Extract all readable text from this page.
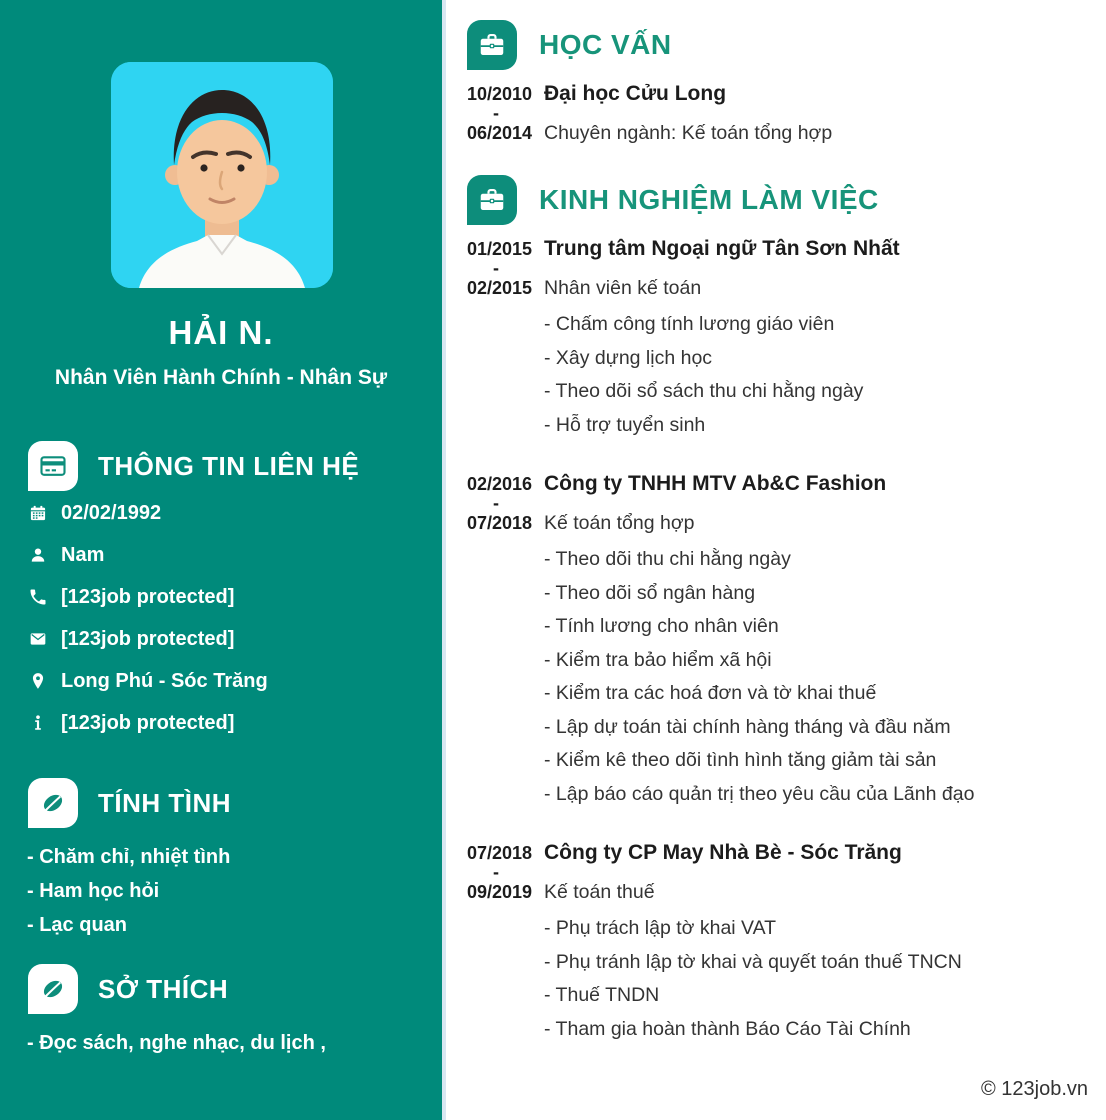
HẢI N.
Nhân Viên Hành Chính - Nhân Sự
THÔNG TIN LIÊN HỆ
02/02/1992
Nam
[123job protected]
[123job protected]
Long Phú - Sóc Trăng
[123job protected]
TÍNH TÌNH
- Chăm chỉ, nhiệt tình
- Ham học hỏi
- Lạc quan
SỞ THÍCH
- Đọc sách, nghe nhạc, du lịch ,
HỌC VẤN
10/2010
-
06/2014
Đại học Cửu Long
Chuyên ngành: Kế toán tổng hợp
KINH NGHIỆM LÀM VIỆC
01/2015
-
02/2015
Trung tâm Ngoại ngữ Tân Sơn Nhất
Nhân viên kế toán
- Chấm công tính lương giáo viên
- Xây dựng lịch học
- Theo dõi sổ sách thu chi hằng ngày
- Hỗ trợ tuyển sinh
02/2016
-
07/2018
Công ty TNHH MTV Ab&C Fashion
Kế toán tổng hợp
- Theo dõi thu chi hằng ngày
- Theo dõi sổ ngân hàng
- Tính lương cho nhân viên
- Kiểm tra bảo hiểm xã hội
- Kiểm tra các hoá đơn và tờ khai thuế
- Lập dự toán tài chính hàng tháng và đầu năm
- Kiểm kê theo dõi tình hình tăng giảm tài sản
- Lập báo cáo quản trị theo yêu cầu của Lãnh đạo
07/2018
-
09/2019
Công ty CP May Nhà Bè - Sóc Trăng
Kế toán thuế
- Phụ trách lập tờ khai VAT
- Phụ tránh lập tờ khai và quyết toán thuế TNCN
- Thuế TNDN
- Tham gia hoàn thành Báo Cáo Tài Chính
© 123job.vn
